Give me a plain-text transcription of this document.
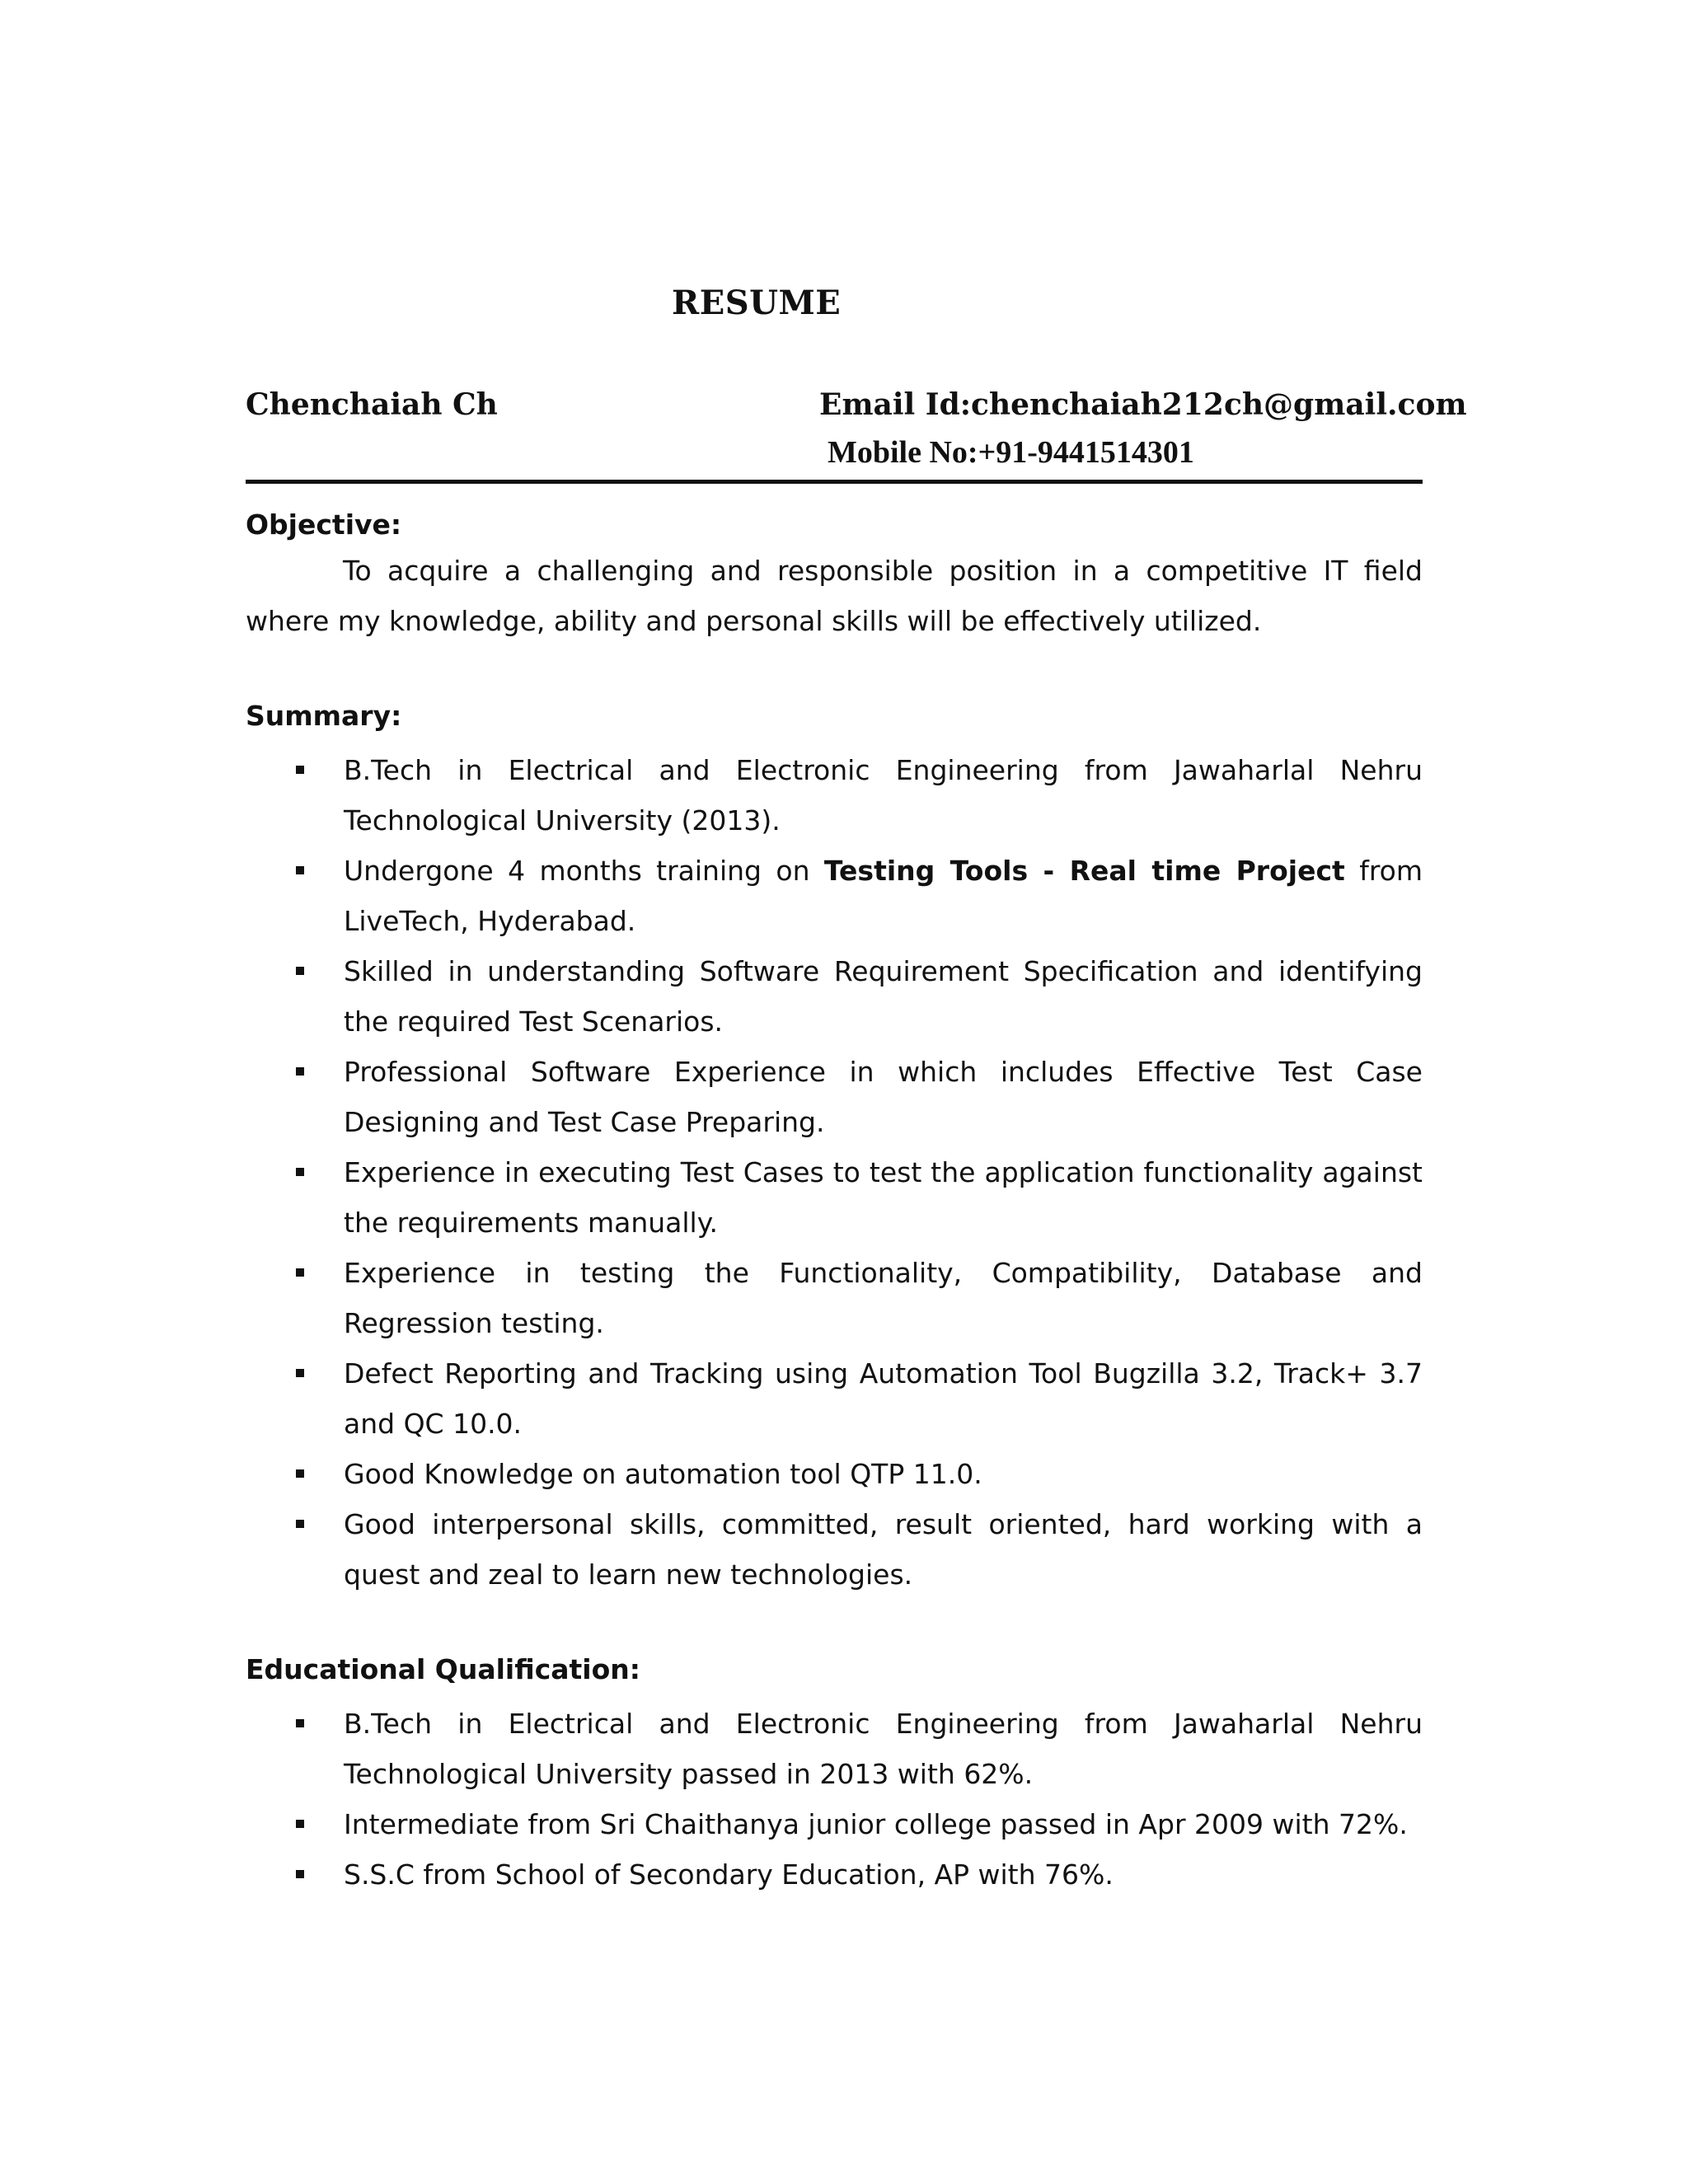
RESUME
Chenchaiah Ch	Email Id:chenchaiah212ch@gmail.com
Mobile No:+91-9441514301
Objective:

To acquire a challenging and responsible position in a competitive IT field where my knowledge, ability and personal skills will be effectively utilized.

Summary:
B.Tech in Electrical and Electronic Engineering from Jawaharlal Nehru Technological University (2013).
Undergone 4 months training on Testing Tools - Real time Project from LiveTech, Hyderabad.
Skilled in understanding Software Requirement Specification and identifying the required Test Scenarios.
Professional Software Experience in which includes Effective Test Case Designing and Test Case Preparing.
Experience in executing Test Cases to test the application functionality against the requirements manually.
Experience in testing the Functionality, Compatibility, Database and Regression testing.
Defect Reporting and Tracking using Automation Tool Bugzilla 3.2, Track+ 3.7 and QC 10.0.
Good Knowledge on automation tool QTP 11.0.
Good interpersonal skills, committed, result oriented, hard working with a quest and zeal to learn new technologies.
Educational Qualification:
B.Tech in Electrical and Electronic Engineering from Jawaharlal Nehru Technological University passed in 2013 with 62%.
Intermediate from Sri Chaithanya junior college passed in Apr 2009 with 72%.
S.S.C from School of Secondary Education, AP with 76%.
